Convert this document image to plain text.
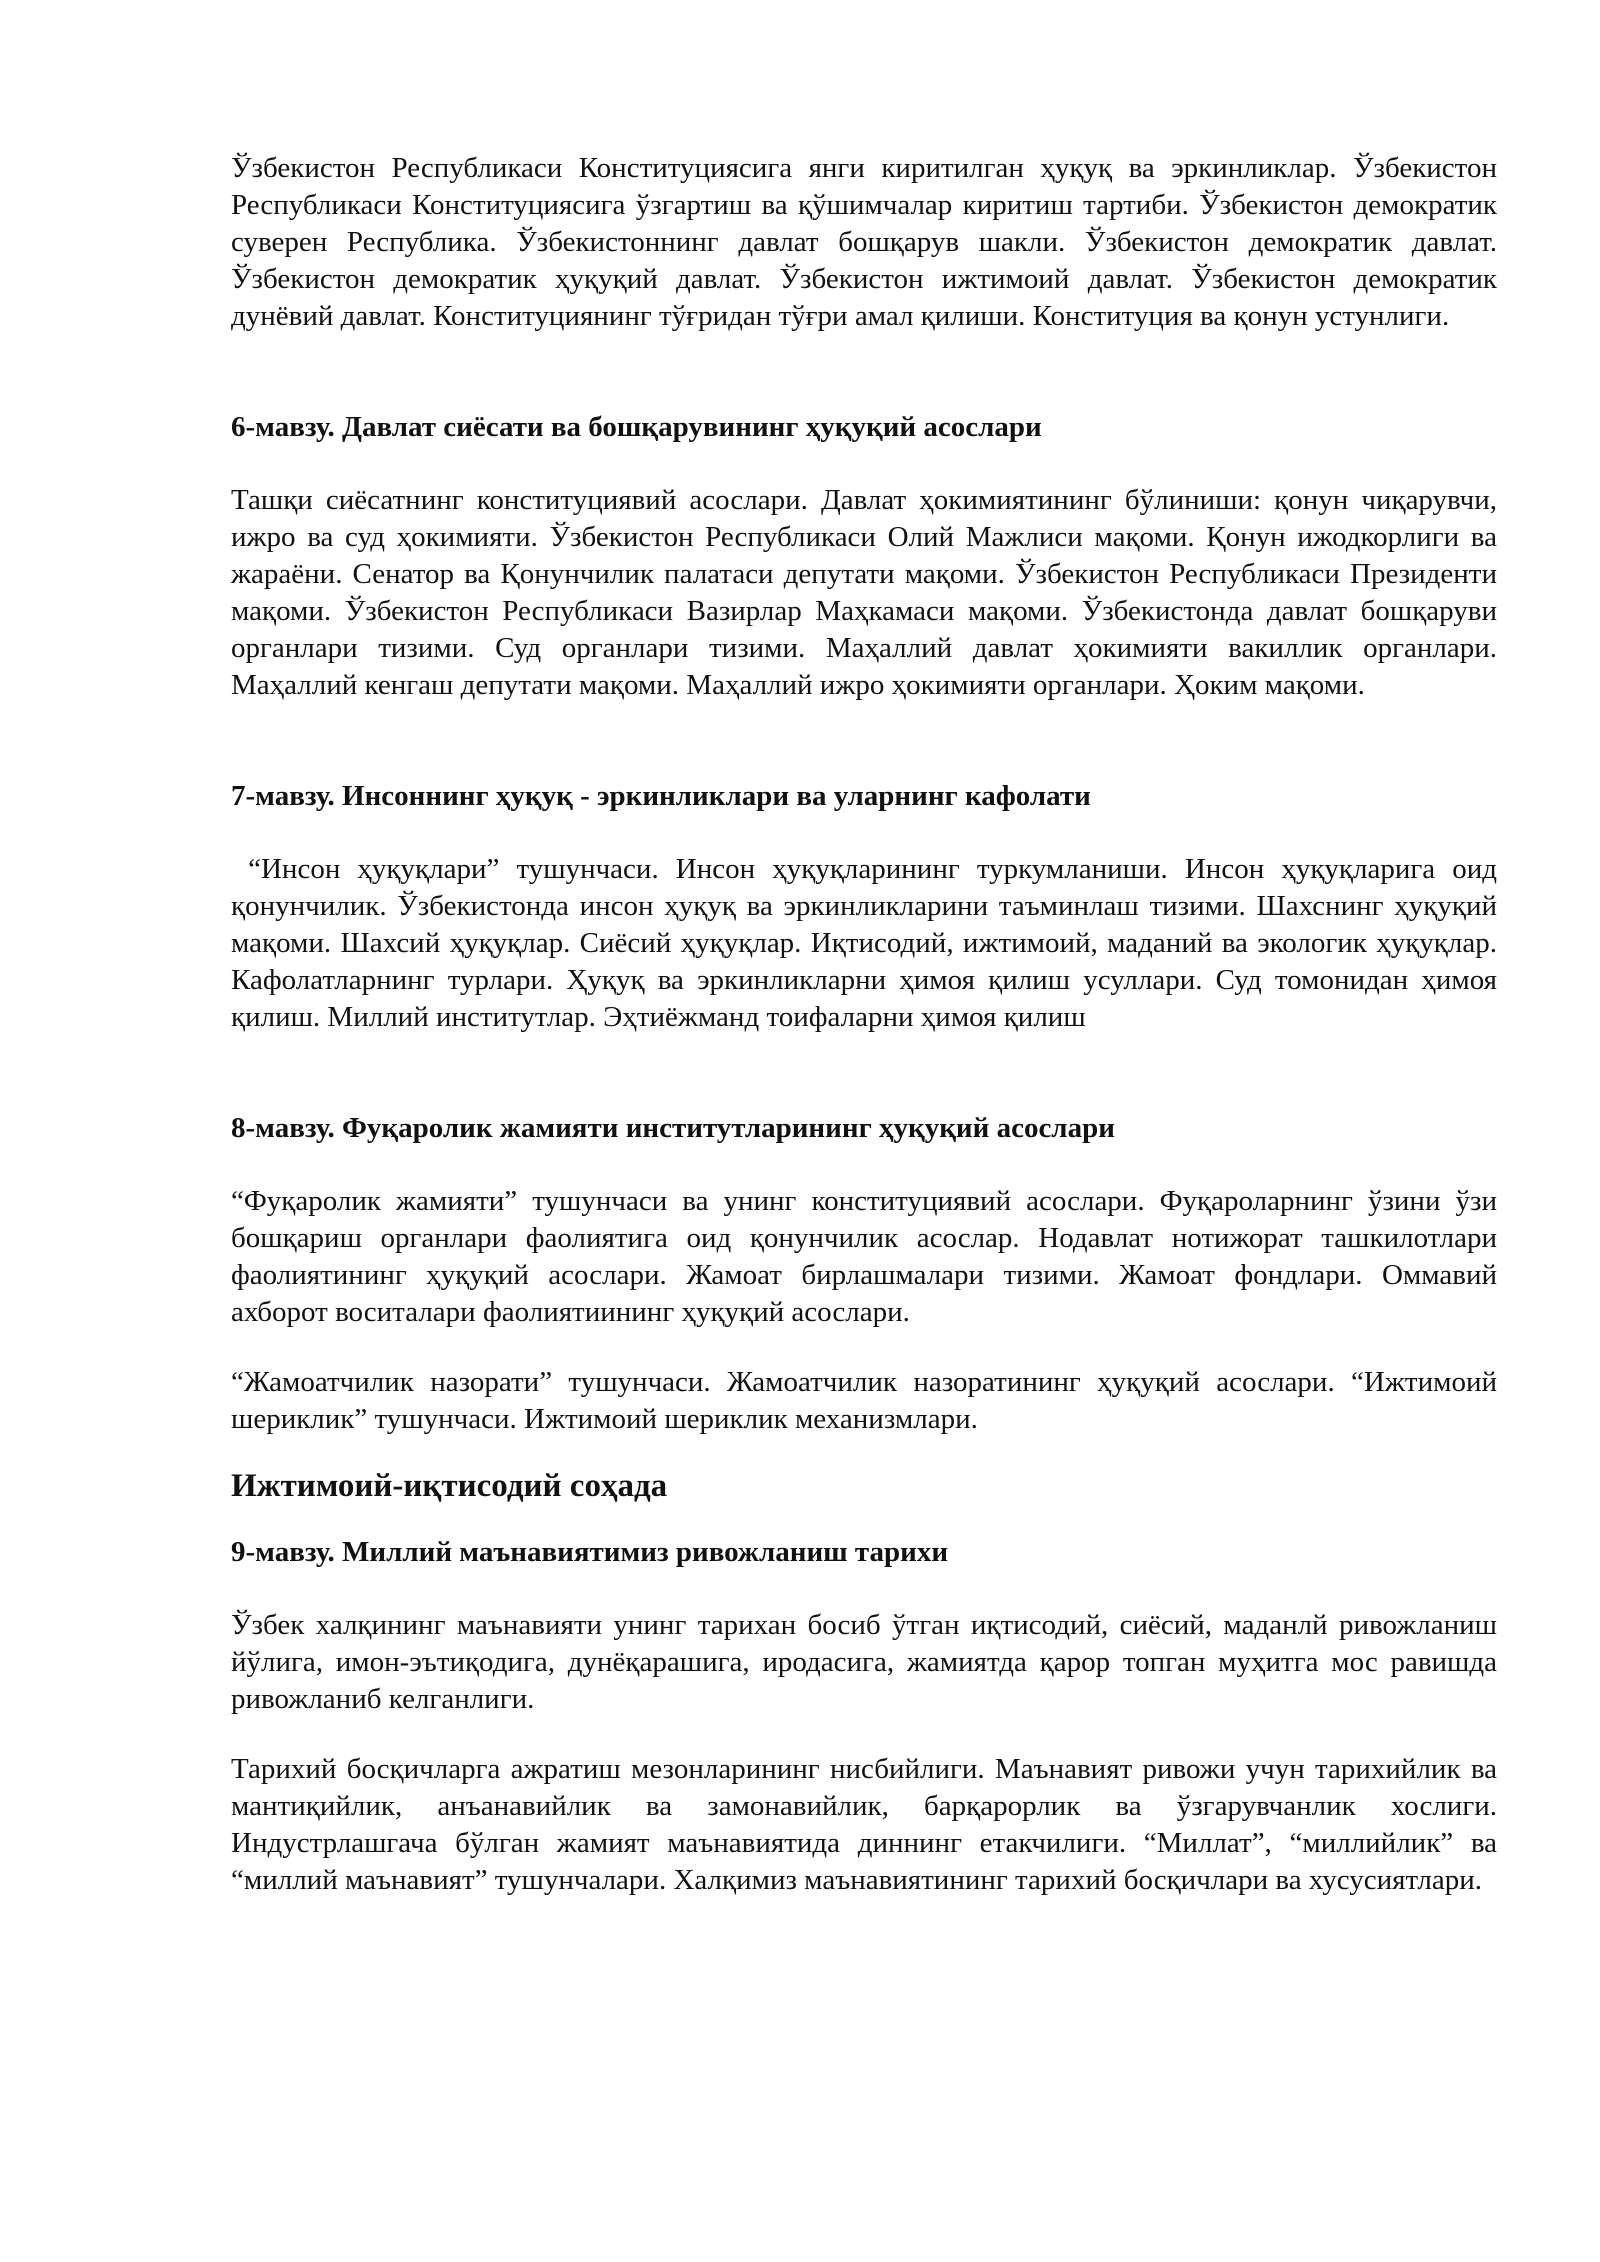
Ўзбекистон Республикаси Конституциясига янги киритилган ҳуқуқ ва эркинликлар. Ўзбекистон Республикаси Конституциясига ўзгартиш ва қўшимчалар киритиш тартиби. Ўзбекистон демократик суверен Республика. Ўзбекистоннинг давлат бошқарув шакли. Ўзбекистон демократик давлат. Ўзбекистон демократик ҳуқуқий давлат. Ўзбекистон ижтимоий давлат. Ўзбекистон демократик дунёвий давлат. Конституциянинг тўғридан тўғри амал қилиши. Конституция ва қонун устунлиги.

6-мавзу. Давлат сиёсати ва бошқарувининг ҳуқуқий асослари

Ташқи сиёсатнинг конституциявий асослари. Давлат ҳокимиятининг бўлиниши: қонун чиқарувчи, ижро ва суд ҳокимияти. Ўзбекистон Республикаси Олий Мажлиси мақоми. Қонун ижодкорлиги ва жараёни. Сенатор ва Қонунчилик палатаси депутати мақоми. Ўзбекистон Республикаси Президенти мақоми. Ўзбекистон Республикаси Вазирлар Маҳкамаси мақоми. Ўзбекистонда давлат бошқаруви органлари тизими. Суд органлари тизими. Маҳаллий давлат ҳокимияти вакиллик органлари. Маҳаллий кенгаш депутати мақоми. Маҳаллий ижро ҳокимияти органлари. Ҳоким мақоми.

7-мавзу. Инсоннинг ҳуқуқ - эркинликлари ва уларнинг кафолати

“Инсон ҳуқуқлари” тушунчаси. Инсон ҳуқуқларининг туркумланиши. Инсон ҳуқуқларига оид қонунчилик. Ўзбекистонда инсон ҳуқуқ ва эркинликларини таъминлаш тизими. Шахснинг ҳуқуқий мақоми. Шахсий ҳуқуқлар. Сиёсий ҳуқуқлар. Иқтисодий, ижтимоий, маданий ва экологик ҳуқуқлар. Кафолатларнинг турлари. Ҳуқуқ ва эркинликларни ҳимоя қилиш усуллари. Суд томонидан ҳимоя қилиш. Миллий институтлар. Эҳтиёжманд тоифаларни ҳимоя қилиш

8-мавзу. Фуқаролик жамияти институтларининг ҳуқуқий асослари

“Фуқаролик жамияти” тушунчаси ва унинг конституциявий асослари. Фуқароларнинг ўзини ўзи бошқариш органлари фаолиятига оид қонунчилик асослар. Нодавлат нотижорат ташкилотлари фаолиятининг ҳуқуқий асослари. Жамоат бирлашмалари тизими. Жамоат фондлари. Оммавий ахборот воситалари фаолиятиининг ҳуқуқий асослари.

“Жамоатчилик назорати” тушунчаси. Жамоатчилик назоратининг ҳуқуқий асослари. “Ижтимоий шериклик” тушунчаси. Ижтимоий шериклик механизмлари.

Ижтимоий-иқтисодий соҳада

9-мавзу. Миллий маънавиятимиз ривожланиш тарихи

Ўзбек халқининг маънавияти унинг тарихан босиб ўтган иқтисодий, сиёсий, маданлй ривожланиш йўлига, имон-эътиқодига, дунёқарашига, иродасига, жамиятда қарор топган муҳитга мос равишда ривожланиб келганлиги.

Тарихий босқичларга ажратиш мезонларининг нисбийлиги. Маънавият ривожи учун тарихийлик ва мантиқийлик, анъанавийлик ва замонавийлик, барқарорлик ва ўзгарувчанлик хослиги. Индустрлашгача бўлган жамият маънавиятида диннинг етакчилиги. “Миллат”, “миллийлик” ва “миллий маънавият” тушунчалари. Халқимиз маънавиятининг тарихий босқичлари ва хусусиятлари.
